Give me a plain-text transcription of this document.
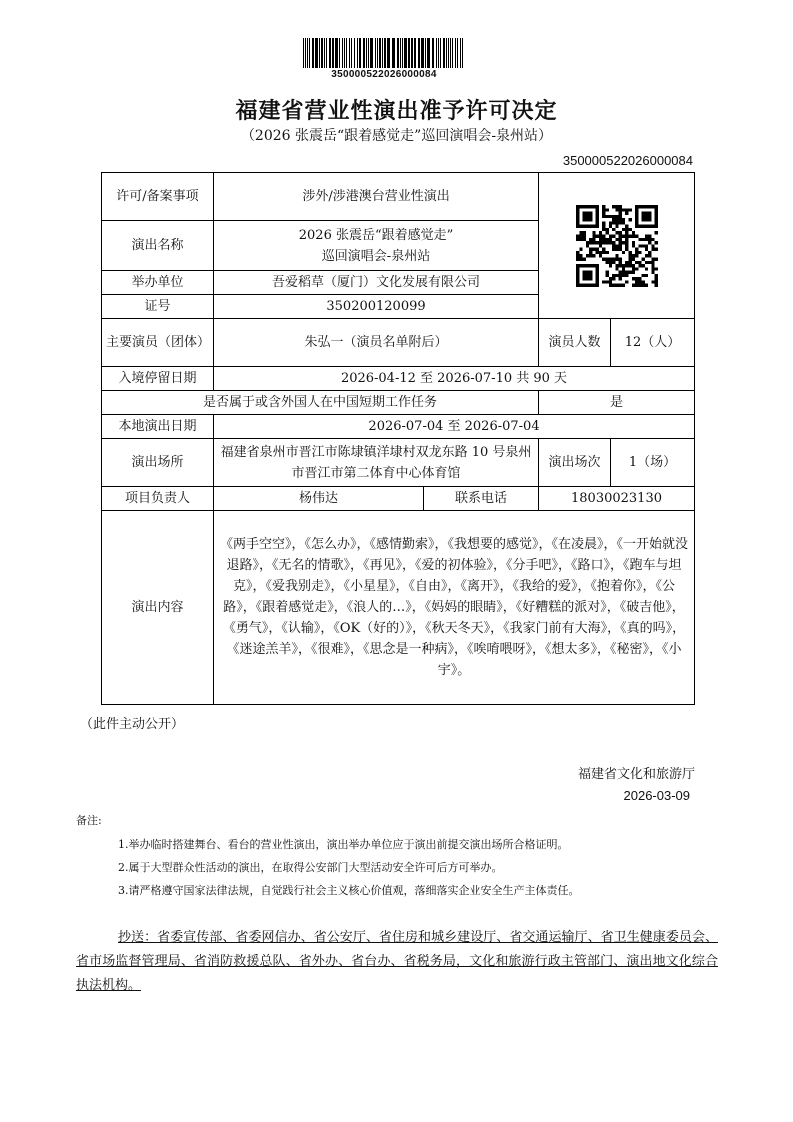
350000522026000084
福建省营业性演出准予许可决定
（2026 张震岳“跟着感觉走”巡回演唱会-泉州站）
350000522026000084
许可/备案事项	涉外/涉港澳台营业性演出	

演出名称	2026 张震岳“跟着感觉走”
巡回演唱会-泉州站			

举办单位	吾爱稻草（厦门）文化发展有限公司			
证号	350200120099			
主要演员（团体）	朱弘一（演员名单附后）		演员人数	12（人）
入境停留日期	2026-04-12 至 2026-07-10 共 90 天			
是否属于或含外国人在中国短期工作任务			是	
本地演出日期	2026-07-04 至 2026-07-04			
演出场所	福建省泉州市晋江市陈埭镇洋埭村双龙东路 10 号泉州市晋江市第二体育中心体育馆		演出场次	1（场）
项目负责人	杨伟达	联系电话	18030023130	
演出内容	《两手空空》，《怎么办》，《感情勤索》，《我想要的感觉》，《在凌晨》，《一开始就没退路》，《无名的情歌》，《再见》，《爱的初体验》，《分手吧》，《路口》，《跑车与坦克》，《爱我别走》，《小星星》，《自由》，《离开》，《我给的爱》，《抱着你》，《公路》，《跟着感觉走》，《浪人的…》，《妈妈的眼睛》，《好糟糕的派对》，《破吉他》，《勇气》，《认输》，《OK（好的）》，《秋天冬天》，《我家门前有大海》，《真的吗》，《迷途羔羊》，《很难》，《思念是一种病》，《唉唷喂呀》，《想太多》，《秘密》，《小宇》。			
（此件主动公开）
福建省文化和旅游厅
2026-03-09
备注:
1.举办临时搭建舞台、看台的营业性演出，演出举办单位应于演出前提交演出场所合格证明。
2.属于大型群众性活动的演出，在取得公安部门大型活动安全许可后方可举办。
3.请严格遵守国家法律法规，自觉践行社会主义核心价值观，落细落实企业安全生产主体责任。
抄送：省委宣传部、省委网信办、省公安厅、省住房和城乡建设厅、省交通运输厅、省卫生健康委员会、省市场监督管理局、省消防救援总队、省外办、省台办、省税务局，文化和旅游行政主管部门、演出地文化综合执法机构。
